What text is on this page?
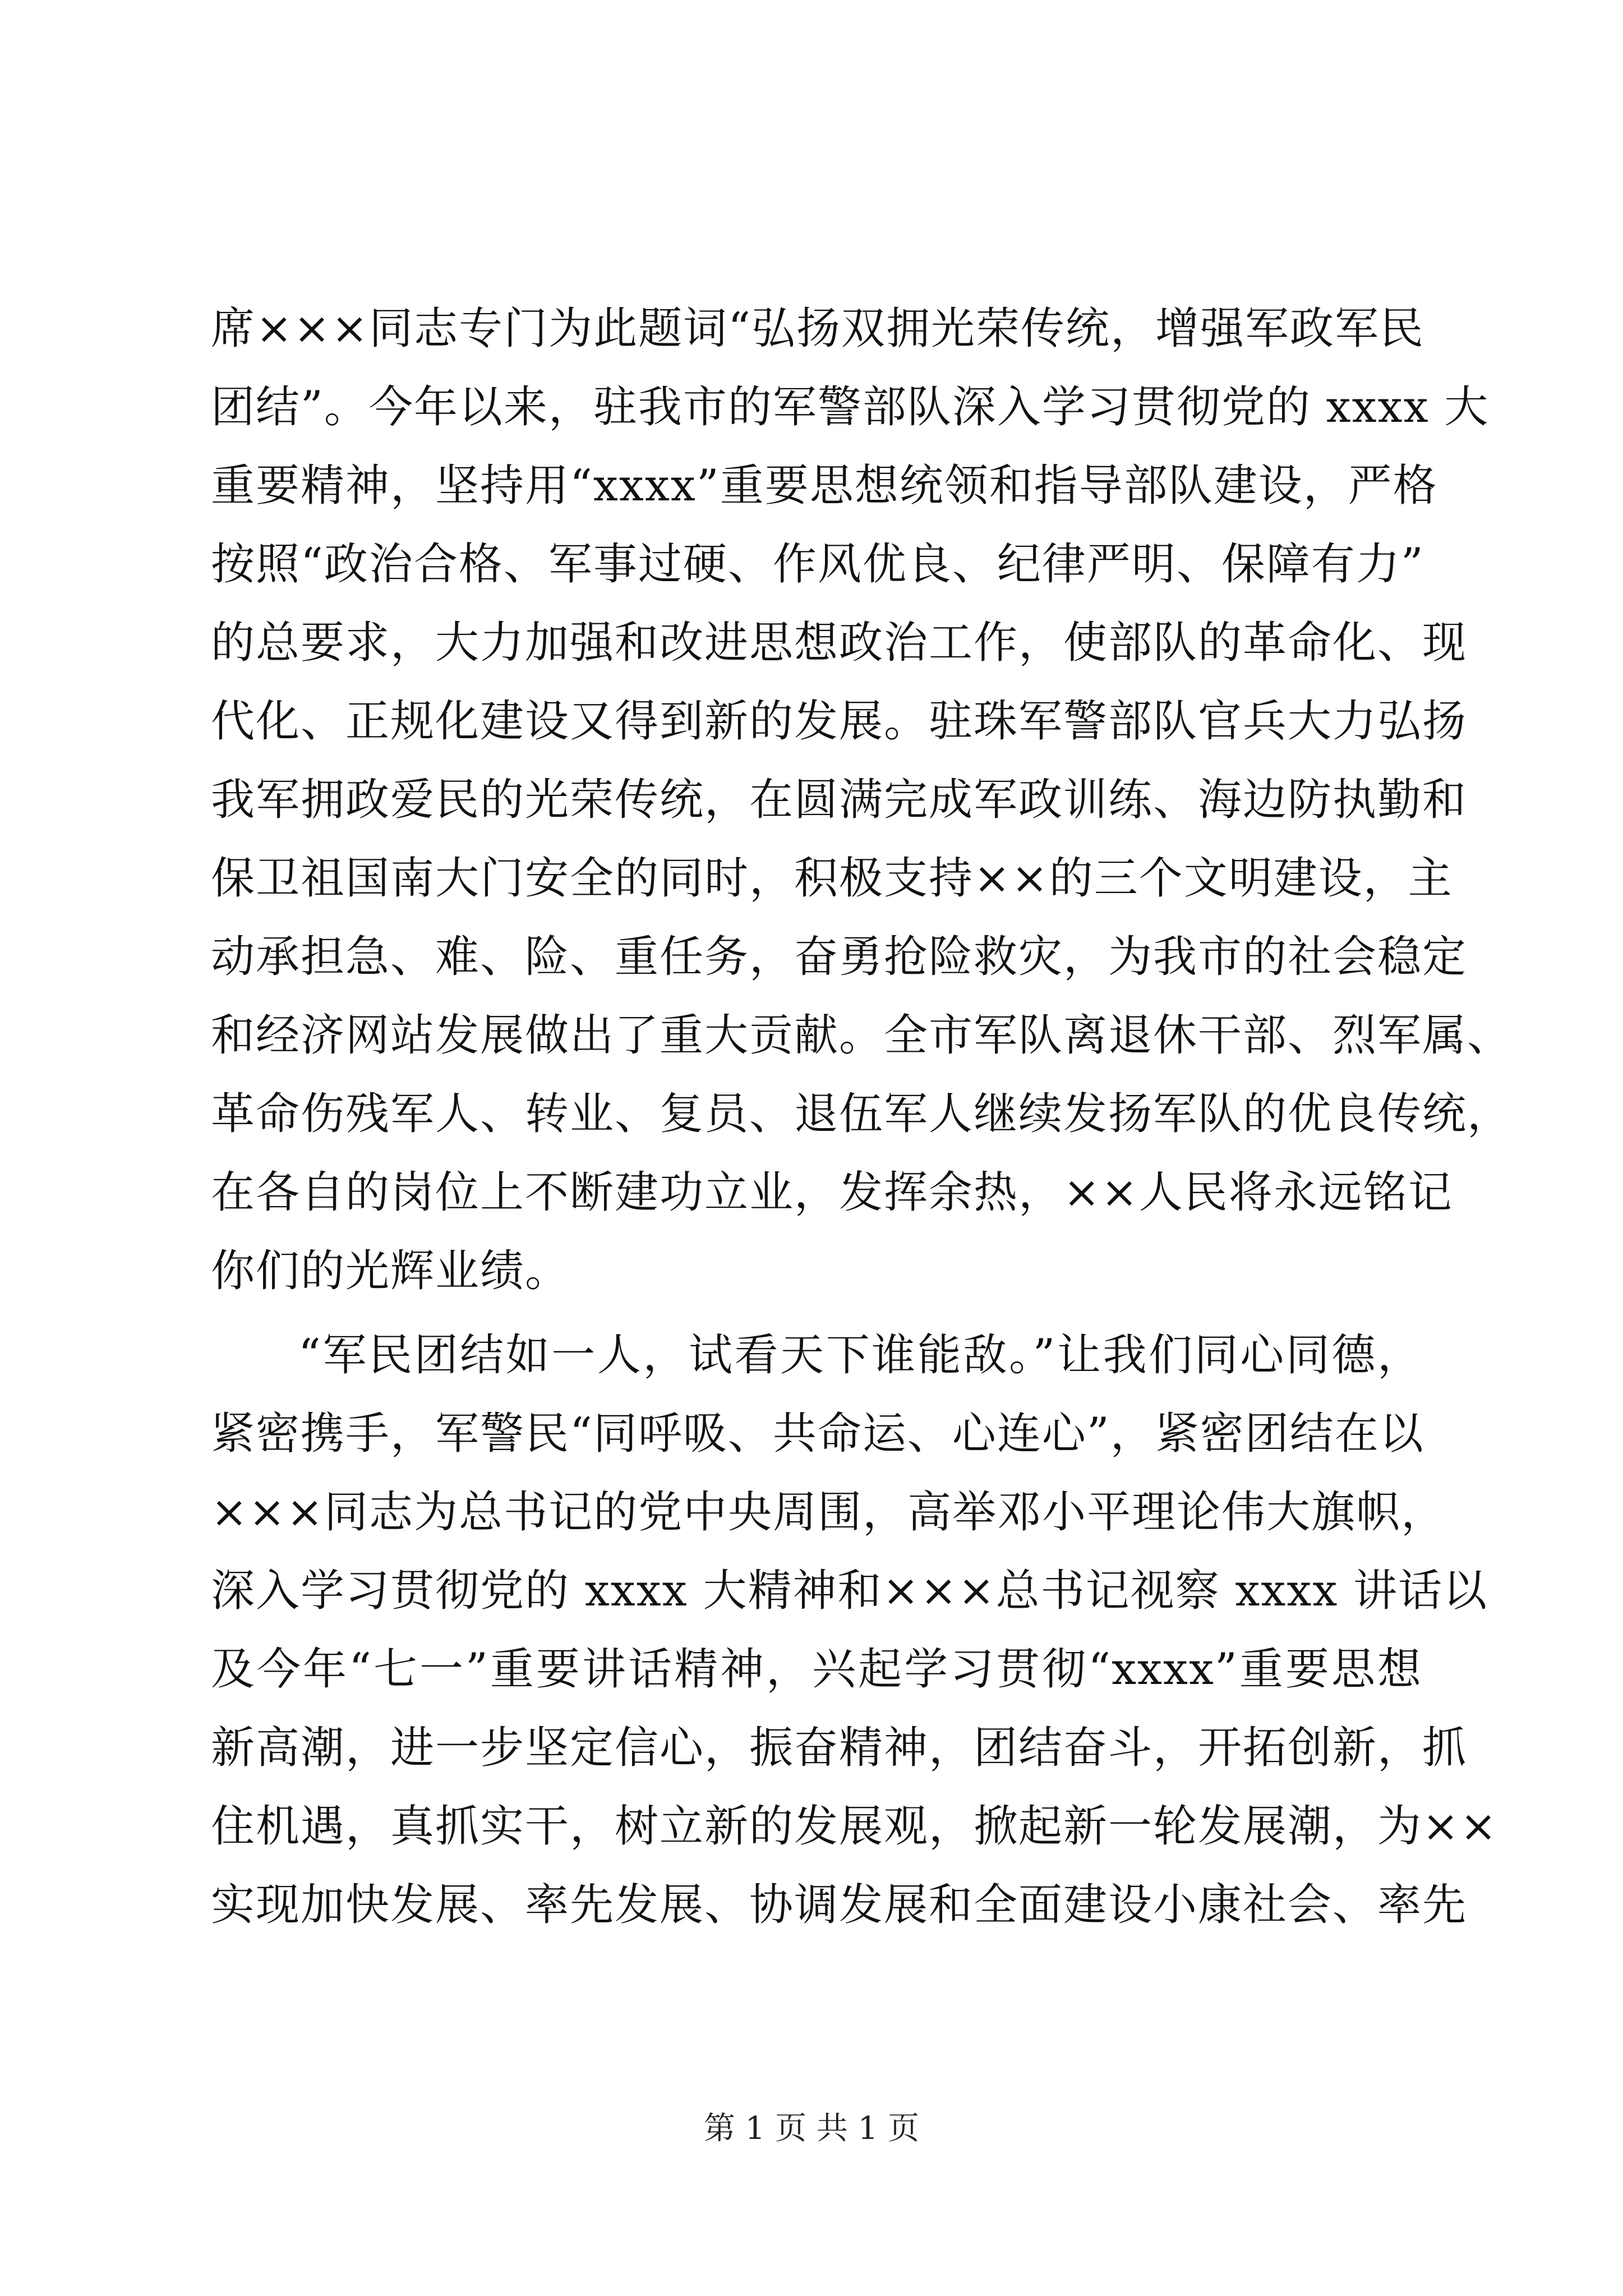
席×××同志专门为此题词“弘扬双拥光荣传统，增强军政军民
团结”。今年以来，驻我市的军警部队深入学习贯彻党的 xxxx 大
重要精神，坚持用“xxxx”重要思想统领和指导部队建设，严格
按照“政治合格、军事过硬、作风优良、纪律严明、保障有力”
的总要求，大力加强和改进思想政治工作，使部队的革命化、现
代化、正规化建设又得到新的发展。驻珠军警部队官兵大力弘扬
我军拥政爱民的光荣传统，在圆满完成军政训练、海边防执勤和
保卫祖国南大门安全的同时，积极支持××的三个文明建设，主
动承担急、难、险、重任务，奋勇抢险救灾，为我市的社会稳定
和经济网站发展做出了重大贡献。全市军队离退休干部、烈军属、
革命伤残军人、转业、复员、退伍军人继续发扬军队的优良传统，
在各自的岗位上不断建功立业，发挥余热，××人民将永远铭记
你们的光辉业绩。
“军民团结如一人，试看天下谁能敌。”让我们同心同德，
紧密携手，军警民“同呼吸、共命运、心连心”，紧密团结在以
×××同志为总书记的党中央周围，高举邓小平理论伟大旗帜，
深入学习贯彻党的 xxxx 大精神和×××总书记视察 xxxx 讲话以
及今年“七一”重要讲话精神，兴起学习贯彻“xxxx”重要思想
新高潮，进一步坚定信心，振奋精神，团结奋斗，开拓创新，抓
住机遇，真抓实干，树立新的发展观，掀起新一轮发展潮，为××
实现加快发展、率先发展、协调发展和全面建设小康社会、率先
第 1 页 共 1 页
